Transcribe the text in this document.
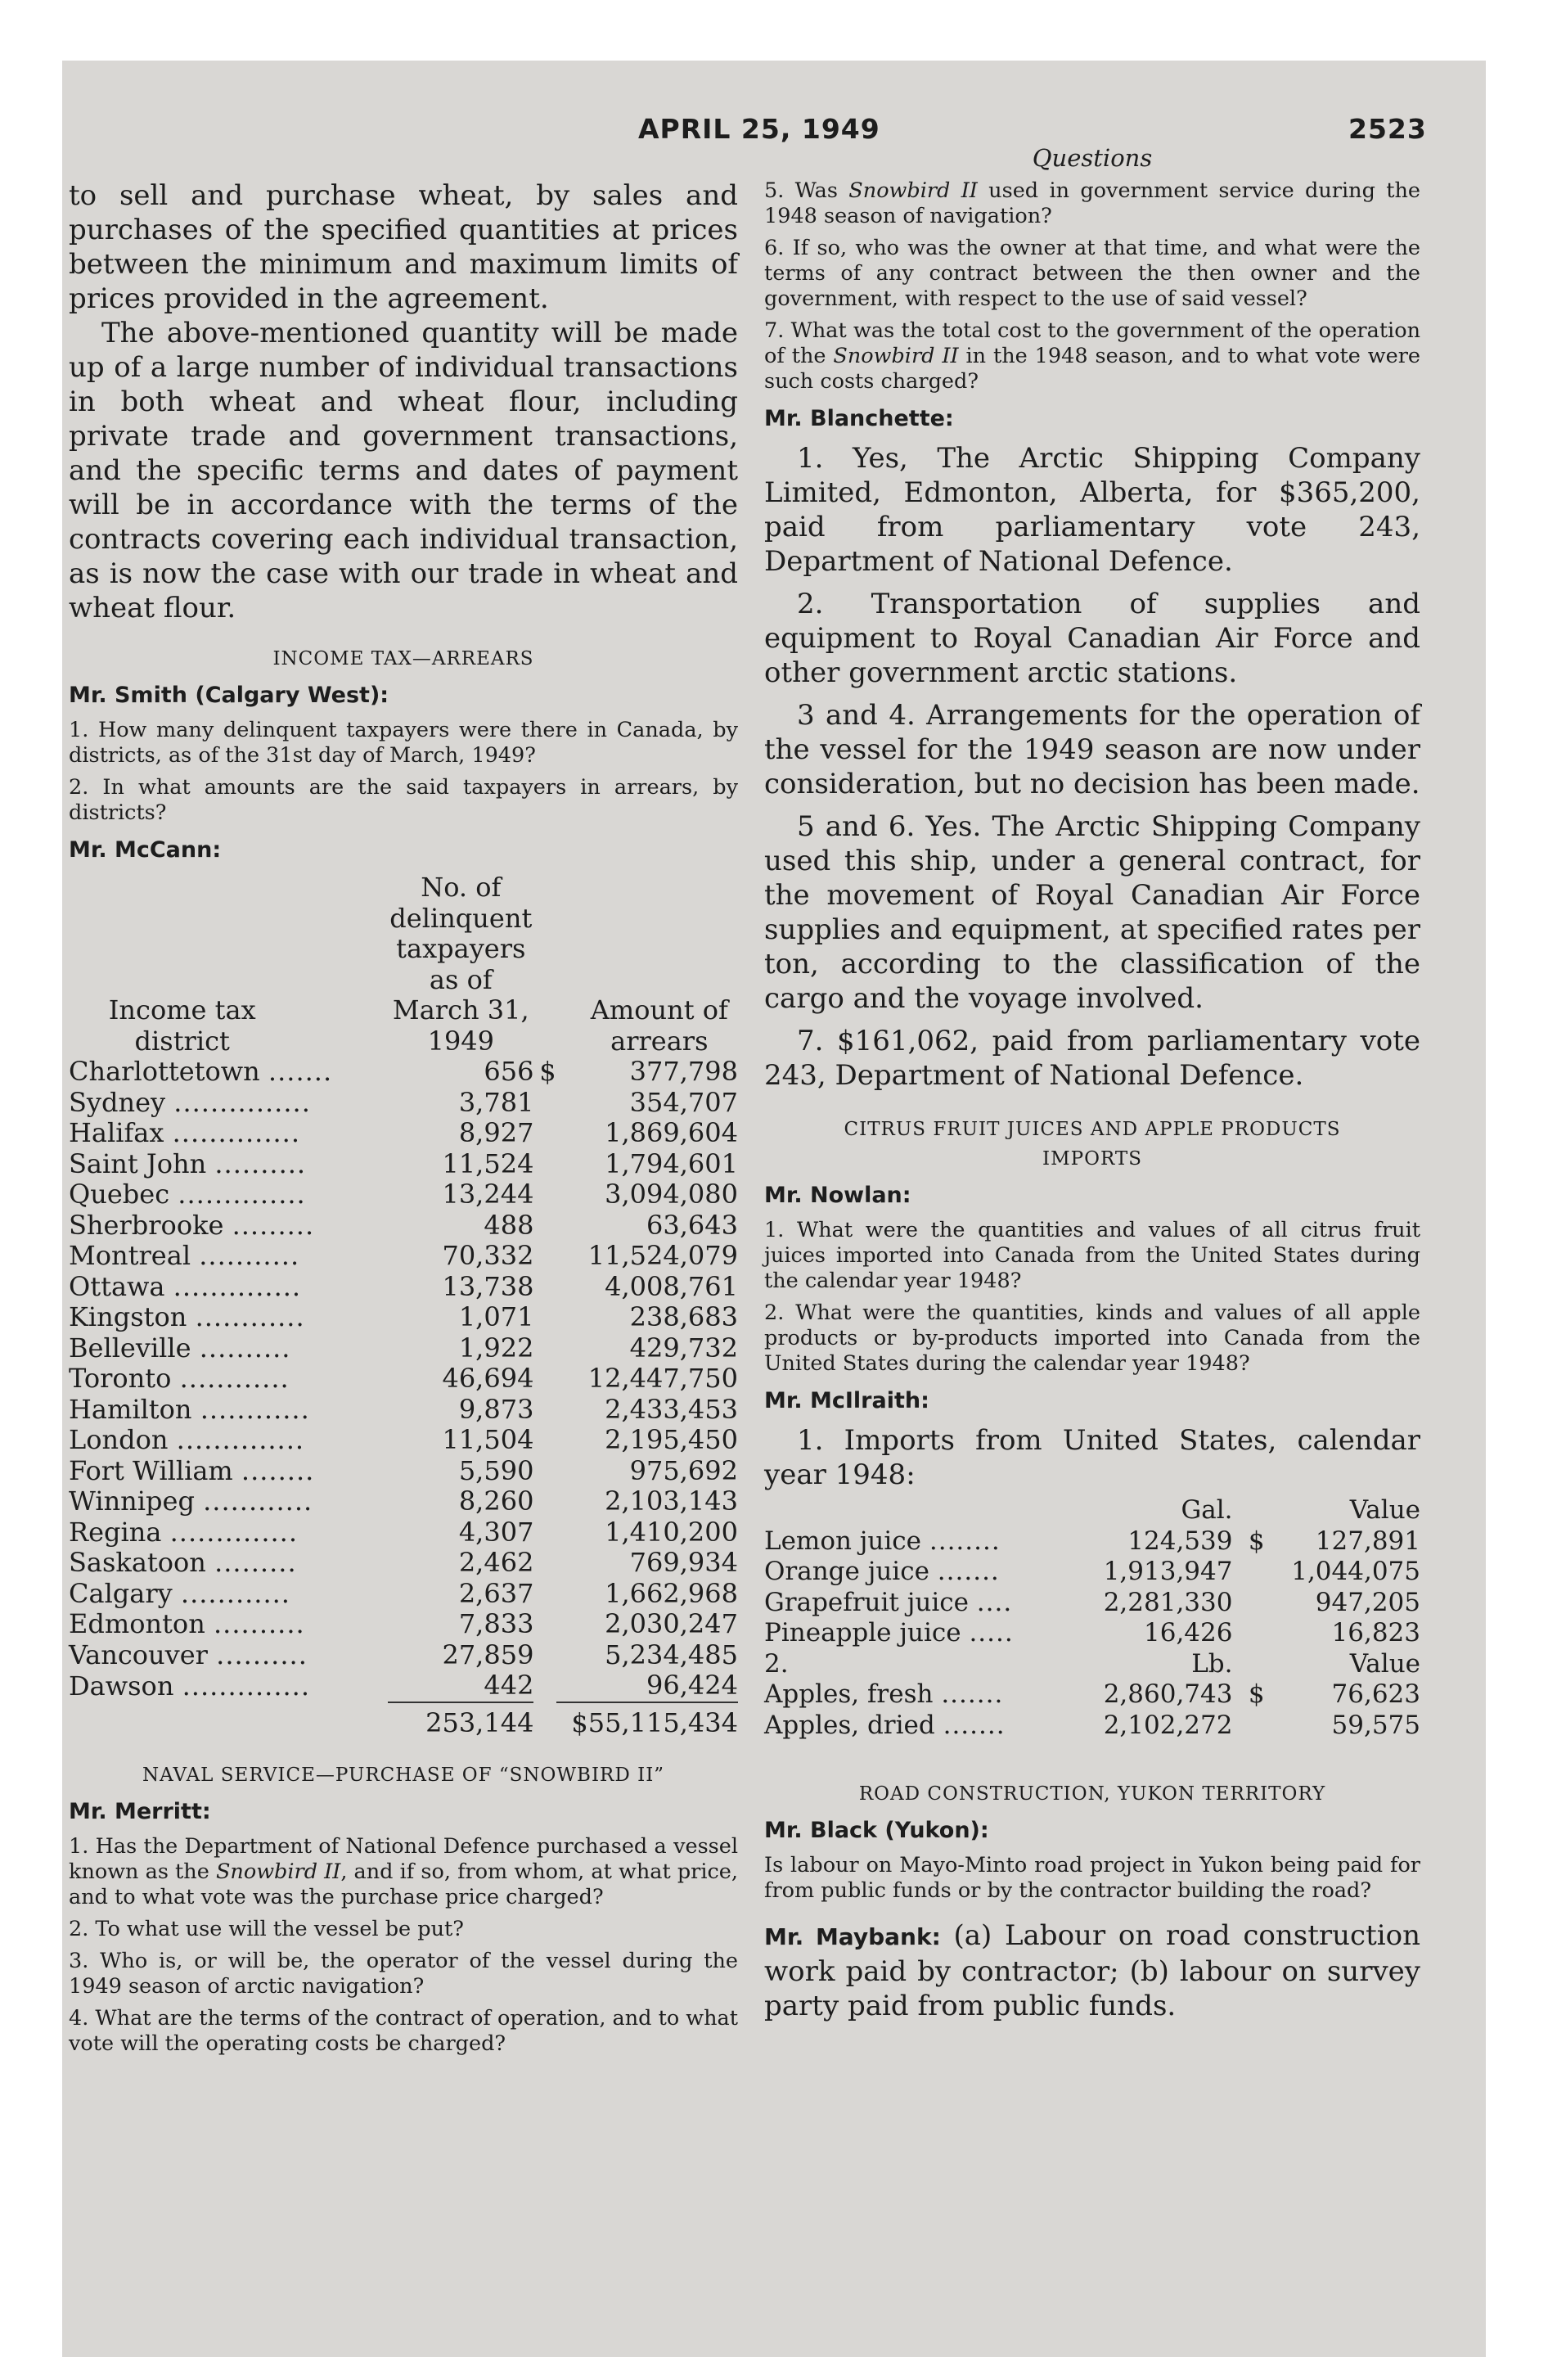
APRIL 25, 1949	2523

to sell and purchase wheat, by sales and purchases of the specified quantities at prices between the minimum and maximum limits of prices provided in the agreement.

The above-mentioned quantity will be made up of a large number of individual transactions in both wheat and wheat flour, including private trade and government transactions, and the specific terms and dates of payment will be in accordance with the terms of the contracts covering each individual transaction, as is now the case with our trade in wheat and wheat flour.

INCOME TAX—ARREARS
Mr. Smith (Calgary West):

1. How many delinquent taxpayers were there in Canada, by districts, as of the 31st day of March, 1949?

2. In what amounts are the said taxpayers in arrears, by districts?

Mr. McCann:
Income tax district		No. of delinquent taxpayers as of March 31, 1949		Amount of arrears
Charlottetown .......		656	$	377,798
Sydney ...............		3,781		354,707
Halifax ..............		8,927		1,869,604
Saint John ..........		11,524		1,794,601
Quebec ..............		13,244		3,094,080
Sherbrooke .........		488		63,643
Montreal ...........		70,332		11,524,079
Ottawa ..............		13,738		4,008,761
Kingston ............		1,071		238,683
Belleville ..........		1,922		429,732
Toronto ............		46,694		12,447,750
Hamilton ............		9,873		2,433,453
London ..............		11,504		2,195,450
Fort William ........		5,590		975,692
Winnipeg ............		8,260		2,103,143
Regina ..............		4,307		1,410,200
Saskatoon .........		2,462		769,934
Calgary ............		2,637		1,662,968
Edmonton ..........		7,833		2,030,247
Vancouver ..........		27,859		5,234,485
Dawson ..............		442		96,424
		253,144		$55,115,434
NAVAL SERVICE—PURCHASE OF “SNOWBIRD II”
Mr. Merritt:

1. Has the Department of National Defence purchased a vessel known as the Snowbird II, and if so, from whom, at what price, and to what vote was the purchase price charged?

2. To what use will the vessel be put?

3. Who is, or will be, the operator of the vessel during the 1949 season of arctic navigation?

4. What are the terms of the contract of operation, and to what vote will the operating costs be charged?

Questions

5. Was Snowbird II used in government service during the 1948 season of navigation?

6. If so, who was the owner at that time, and what were the terms of any contract between the then owner and the government, with respect to the use of said vessel?

7. What was the total cost to the government of the operation of the Snowbird II in the 1948 season, and to what vote were such costs charged?

Mr. Blanchette:

1. Yes, The Arctic Shipping Company Limited, Edmonton, Alberta, for $365,200, paid from parliamentary vote 243, Department of National Defence.

2. Transportation of supplies and equipment to Royal Canadian Air Force and other government arctic stations.

3 and 4. Arrangements for the operation of the vessel for the 1949 season are now under consideration, but no decision has been made.

5 and 6. Yes. The Arctic Shipping Company used this ship, under a general contract, for the movement of Royal Canadian Air Force supplies and equipment, at specified rates per ton, according to the classification of the cargo and the voyage involved.

7. $161,062, paid from parliamentary vote 243, Department of National Defence.

CITRUS FRUIT JUICES AND APPLE PRODUCTS
IMPORTS
Mr. Nowlan:

1. What were the quantities and values of all citrus fruit juices imported into Canada from the United States during the calendar year 1948?

2. What were the quantities, kinds and values of all apple products or by-products imported into Canada from the United States during the calendar year 1948?

Mr. McIlraith:

1. Imports from United States, calendar year 1948:

	Gal.		Value
Lemon juice ........	124,539	$	127,891
Orange juice .......	1,913,947		1,044,075
Grapefruit juice ....	2,281,330		947,205
Pineapple juice .....	16,426		16,823
2.	Lb.		Value
Apples, fresh .......	2,860,743	$	76,623
Apples, dried .......	2,102,272		59,575
ROAD CONSTRUCTION, YUKON TERRITORY
Mr. Black (Yukon):

Is labour on Mayo-Minto road project in Yukon being paid for from public funds or by the contractor building the road?

Mr. Maybank: (a) Labour on road construction work paid by contractor; (b) labour on survey party paid from public funds.
